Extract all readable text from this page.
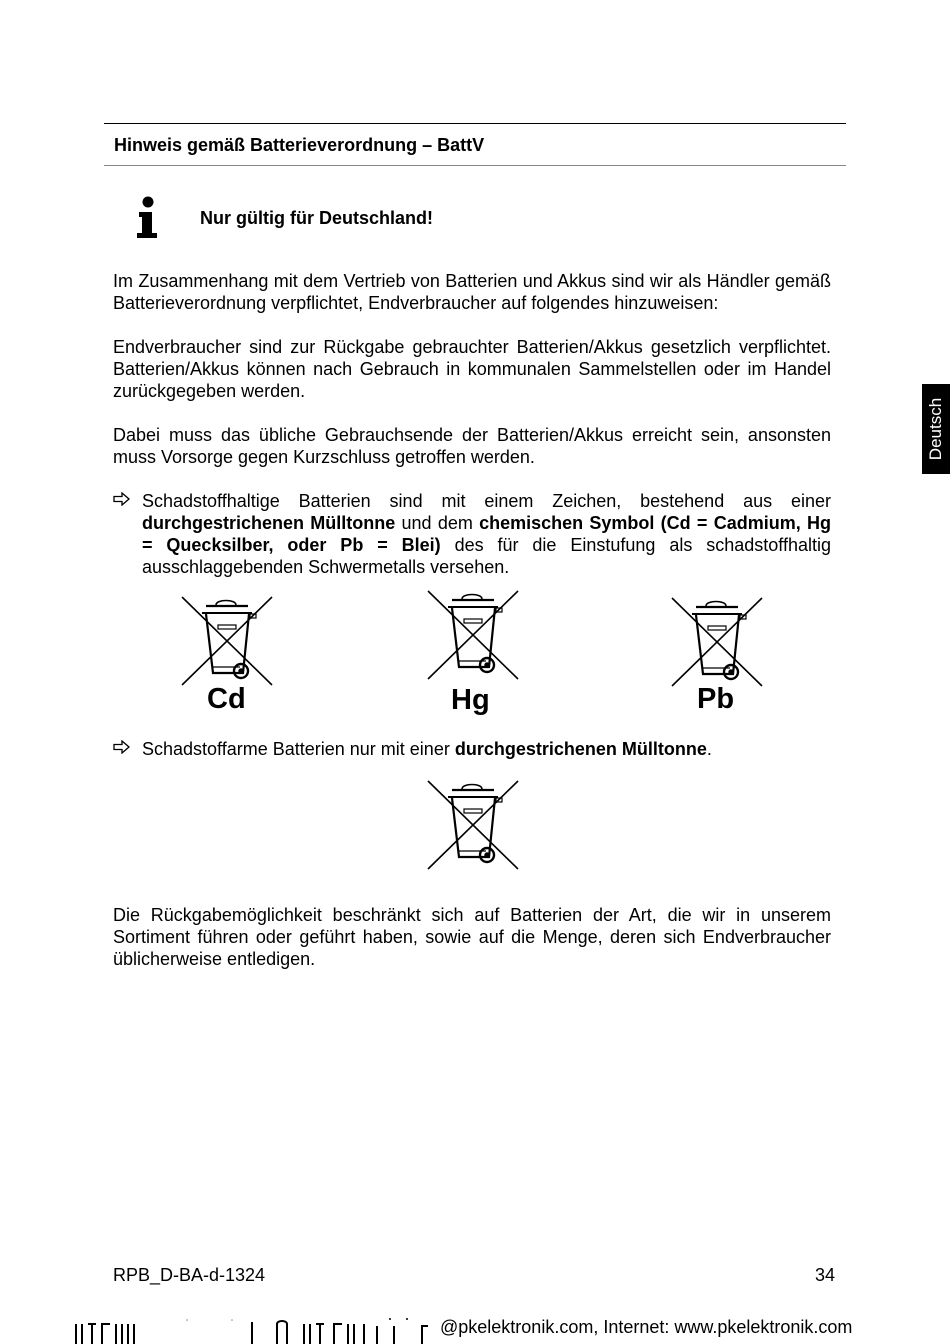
Hinweis gemäß Batterieverordnung – BattV
Nur gültig für Deutschland!

Im Zusammenhang mit dem Vertrieb von Batterien und Akkus sind wir als Händler gemäß Batterieverordnung verpflichtet, Endverbraucher auf folgendes hinzuweisen:

Endverbraucher sind zur Rückgabe gebrauchter Batterien/Akkus gesetzlich verpflichtet. Batterien/Akkus können nach Gebrauch in kommunalen Sammelstellen oder im Handel zurückgegeben werden.

Dabei muss das übliche Gebrauchsende der Batterien/Akkus erreicht sein, ansonsten muss Vorsorge gegen Kurzschluss getroffen werden.

Schadstoffhaltige Batterien sind mit einem Zeichen, bestehend aus einer durchgestrichenen Mülltonne und dem chemischen Symbol (Cd = Cadmium, Hg = Quecksilber, oder Pb = Blei) des für die Einstufung als schadstoffhaltig ausschlaggebenden Schwermetalls versehen.
Cd	Hg	Pb
Schadstoffarme Batterien nur mit einer durchgestrichenen Mülltonne.

Die Rückgabemöglichkeit beschränkt sich auf Batterien der Art, die wir in unserem Sortiment führen oder geführt haben, sowie auf die Menge, deren sich Endverbraucher üblicherweise entledigen.

Deutsch
RPB_D-BA-d-1324	34
@pkelektronik.com, Internet: www.pkelektronik.com
